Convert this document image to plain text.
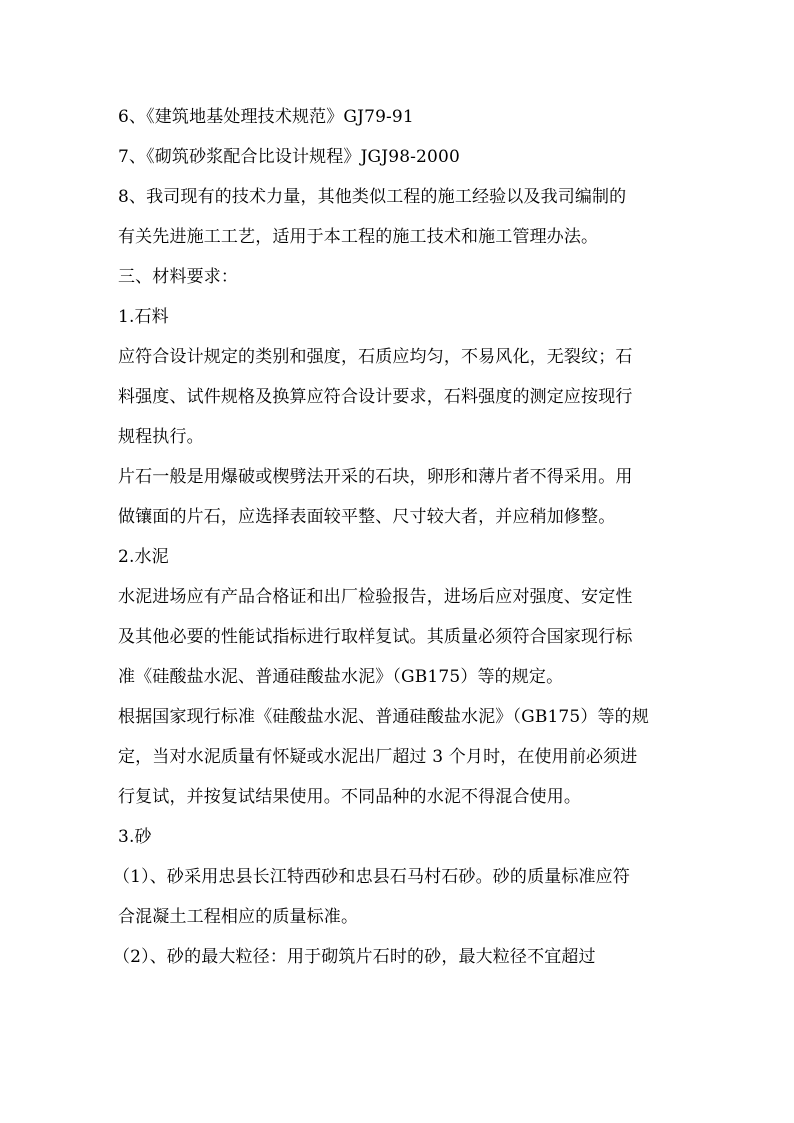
6、《建筑地基处理技术规范》GJ79-91
7、《砌筑砂浆配合比设计规程》JGJ98-2000
8、我司现有的技术力量，其他类似工程的施工经验以及我司编制的
有关先进施工工艺，适用于本工程的施工技术和施工管理办法。
三、材料要求：
1.石料
应符合设计规定的类别和强度，石质应均匀，不易风化，无裂纹；石
料强度、试件规格及换算应符合设计要求，石料强度的测定应按现行
规程执行。
片石一般是用爆破或楔劈法开采的石块，卵形和薄片者不得采用。用
做镶面的片石，应选择表面较平整、尺寸较大者，并应稍加修整。
2.水泥
水泥进场应有产品合格证和出厂检验报告，进场后应对强度、安定性
及其他必要的性能试指标进行取样复试。其质量必须符合国家现行标
准《硅酸盐水泥、普通硅酸盐水泥》（GB175）等的规定。
根据国家现行标准《硅酸盐水泥、普通硅酸盐水泥》（GB175）等的规
定，当对水泥质量有怀疑或水泥出厂超过 3 个月时，在使用前必须进
行复试，并按复试结果使用。不同品种的水泥不得混合使用。
3.砂
（1）、砂采用忠县长江特西砂和忠县石马村石砂。砂的质量标准应符
合混凝土工程相应的质量标准。
（2）、砂的最大粒径：用于砌筑片石时的砂，最大粒径不宜超过
